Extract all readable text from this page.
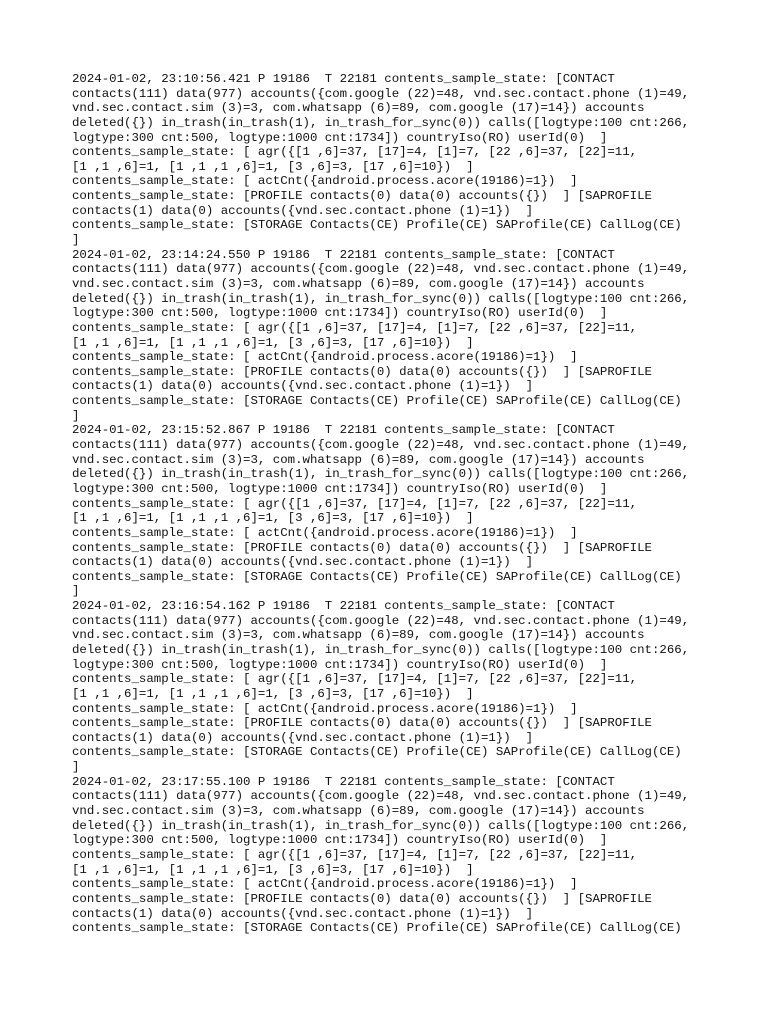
2024-01-02, 23:10:56.421 P 19186  T 22181 contents_sample_state: [CONTACT
contacts(111) data(977) accounts({com.google (22)=48, vnd.sec.contact.phone (1)=49,
vnd.sec.contact.sim (3)=3, com.whatsapp (6)=89, com.google (17)=14}) accounts
deleted({}) in_trash(in_trash(1), in_trash_for_sync(0)) calls([logtype:100 cnt:266,
logtype:300 cnt:500, logtype:1000 cnt:1734]) countryIso(RO) userId(0)  ]
contents_sample_state: [ agr({[1 ,6]=37, [17]=4, [1]=7, [22 ,6]=37, [22]=11,
[1 ,1 ,6]=1, [1 ,1 ,1 ,6]=1, [3 ,6]=3, [17 ,6]=10})  ]
contents_sample_state: [ actCnt({android.process.acore(19186)=1})  ]
contents_sample_state: [PROFILE contacts(0) data(0) accounts({})  ] [SAPROFILE
contacts(1) data(0) accounts({vnd.sec.contact.phone (1)=1})  ]
contents_sample_state: [STORAGE Contacts(CE) Profile(CE) SAProfile(CE) CallLog(CE)
]
2024-01-02, 23:14:24.550 P 19186  T 22181 contents_sample_state: [CONTACT
contacts(111) data(977) accounts({com.google (22)=48, vnd.sec.contact.phone (1)=49,
vnd.sec.contact.sim (3)=3, com.whatsapp (6)=89, com.google (17)=14}) accounts
deleted({}) in_trash(in_trash(1), in_trash_for_sync(0)) calls([logtype:100 cnt:266,
logtype:300 cnt:500, logtype:1000 cnt:1734]) countryIso(RO) userId(0)  ]
contents_sample_state: [ agr({[1 ,6]=37, [17]=4, [1]=7, [22 ,6]=37, [22]=11,
[1 ,1 ,6]=1, [1 ,1 ,1 ,6]=1, [3 ,6]=3, [17 ,6]=10})  ]
contents_sample_state: [ actCnt({android.process.acore(19186)=1})  ]
contents_sample_state: [PROFILE contacts(0) data(0) accounts({})  ] [SAPROFILE
contacts(1) data(0) accounts({vnd.sec.contact.phone (1)=1})  ]
contents_sample_state: [STORAGE Contacts(CE) Profile(CE) SAProfile(CE) CallLog(CE)
]
2024-01-02, 23:15:52.867 P 19186  T 22181 contents_sample_state: [CONTACT
contacts(111) data(977) accounts({com.google (22)=48, vnd.sec.contact.phone (1)=49,
vnd.sec.contact.sim (3)=3, com.whatsapp (6)=89, com.google (17)=14}) accounts
deleted({}) in_trash(in_trash(1), in_trash_for_sync(0)) calls([logtype:100 cnt:266,
logtype:300 cnt:500, logtype:1000 cnt:1734]) countryIso(RO) userId(0)  ]
contents_sample_state: [ agr({[1 ,6]=37, [17]=4, [1]=7, [22 ,6]=37, [22]=11,
[1 ,1 ,6]=1, [1 ,1 ,1 ,6]=1, [3 ,6]=3, [17 ,6]=10})  ]
contents_sample_state: [ actCnt({android.process.acore(19186)=1})  ]
contents_sample_state: [PROFILE contacts(0) data(0) accounts({})  ] [SAPROFILE
contacts(1) data(0) accounts({vnd.sec.contact.phone (1)=1})  ]
contents_sample_state: [STORAGE Contacts(CE) Profile(CE) SAProfile(CE) CallLog(CE)
]
2024-01-02, 23:16:54.162 P 19186  T 22181 contents_sample_state: [CONTACT
contacts(111) data(977) accounts({com.google (22)=48, vnd.sec.contact.phone (1)=49,
vnd.sec.contact.sim (3)=3, com.whatsapp (6)=89, com.google (17)=14}) accounts
deleted({}) in_trash(in_trash(1), in_trash_for_sync(0)) calls([logtype:100 cnt:266,
logtype:300 cnt:500, logtype:1000 cnt:1734]) countryIso(RO) userId(0)  ]
contents_sample_state: [ agr({[1 ,6]=37, [17]=4, [1]=7, [22 ,6]=37, [22]=11,
[1 ,1 ,6]=1, [1 ,1 ,1 ,6]=1, [3 ,6]=3, [17 ,6]=10})  ]
contents_sample_state: [ actCnt({android.process.acore(19186)=1})  ]
contents_sample_state: [PROFILE contacts(0) data(0) accounts({})  ] [SAPROFILE
contacts(1) data(0) accounts({vnd.sec.contact.phone (1)=1})  ]
contents_sample_state: [STORAGE Contacts(CE) Profile(CE) SAProfile(CE) CallLog(CE)
]
2024-01-02, 23:17:55.100 P 19186  T 22181 contents_sample_state: [CONTACT
contacts(111) data(977) accounts({com.google (22)=48, vnd.sec.contact.phone (1)=49,
vnd.sec.contact.sim (3)=3, com.whatsapp (6)=89, com.google (17)=14}) accounts
deleted({}) in_trash(in_trash(1), in_trash_for_sync(0)) calls([logtype:100 cnt:266,
logtype:300 cnt:500, logtype:1000 cnt:1734]) countryIso(RO) userId(0)  ]
contents_sample_state: [ agr({[1 ,6]=37, [17]=4, [1]=7, [22 ,6]=37, [22]=11,
[1 ,1 ,6]=1, [1 ,1 ,1 ,6]=1, [3 ,6]=3, [17 ,6]=10})  ]
contents_sample_state: [ actCnt({android.process.acore(19186)=1})  ]
contents_sample_state: [PROFILE contacts(0) data(0) accounts({})  ] [SAPROFILE
contacts(1) data(0) accounts({vnd.sec.contact.phone (1)=1})  ]
contents_sample_state: [STORAGE Contacts(CE) Profile(CE) SAProfile(CE) CallLog(CE)
